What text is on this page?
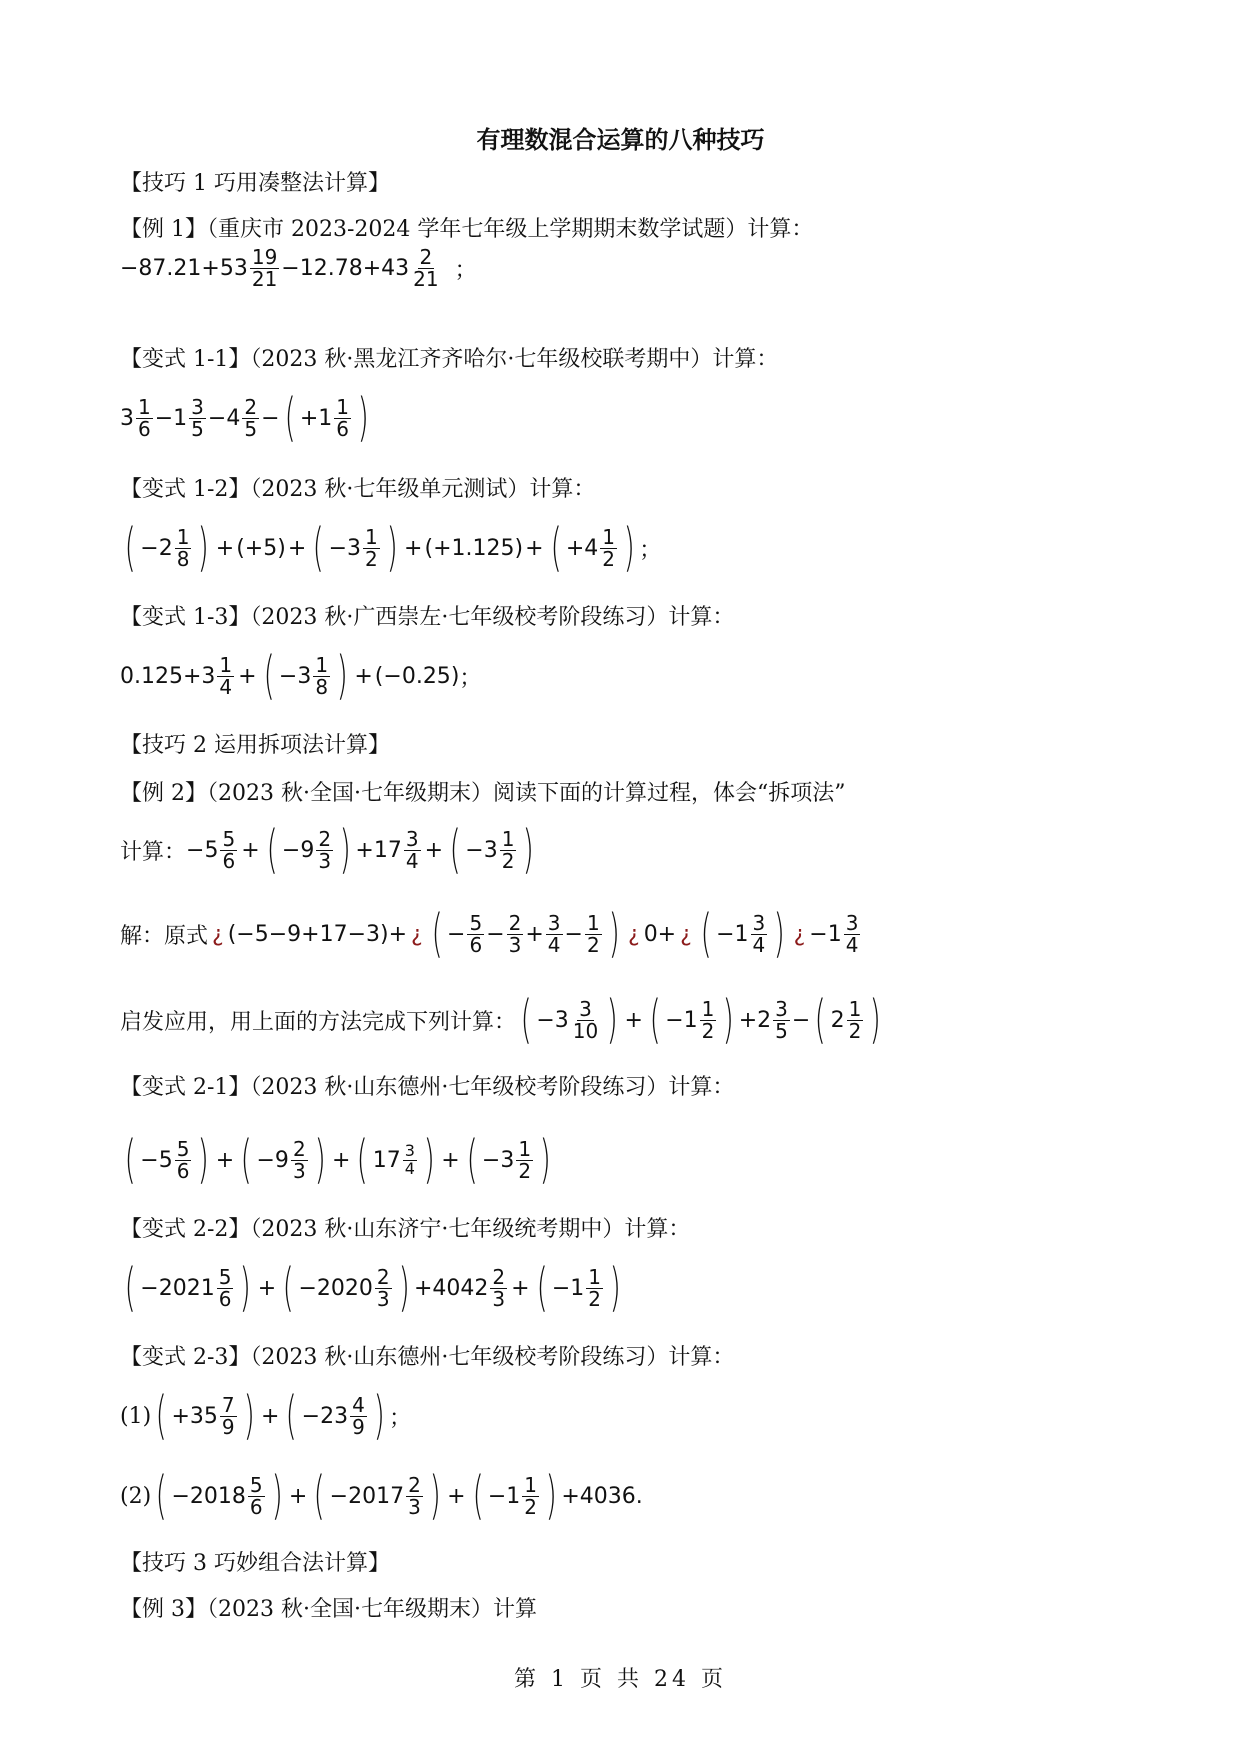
有理数混合运算的八种技巧
【技巧 1 巧用凑整法计算】
【例 1】（重庆市 2023-2024 学年七年级上学期期末数学试题）计算：
$-87.21+53 \frac{19}{21} -12.78+43 \frac{2}{21}$ ；
【变式 1-1】（2023 秋·黑龙江齐齐哈尔·七年级校联考期中）计算：
$3 \frac{1}{6} -1 \frac{3}{5} -4 \frac{2}{5}$ − ( $+1 \frac{1}{6}$
)
【变式 1-2】（2023 秋·七年级单元测试）计算：
( $-2 \frac{1}{8}$
) + (+5) + ( $-3 \frac{1}{2}$
) + (+1.125) + ( $+4 \frac{1}{2}$
) ；
【变式 1-3】（2023 秋·广西崇左·七年级校考阶段练习）计算：
$0.125+3 \frac{1}{4}$ + ( $-3 \frac{1}{8}$
) + (−0.25) ；
【技巧 2 运用拆项法计算】
【例 2】（2023 秋·全国·七年级期末）阅读下面的计算过程，体会“拆项法”
计算： $-5 \frac{5}{6}$ + ( $-9 \frac{2}{3}$
) $+17 \frac{3}{4}$ + ( $-3 \frac{1}{2}$
)
解：原式 ¿ (−5−9+17−3)+ ¿ ( − $\frac{5}{6} - \frac{2}{3} + \frac{3}{4} - \frac{1}{2}$
) ¿ 0+ ¿ ( $-1 \frac{3}{4}$
) ¿ $-1 \frac{3}{4}$
启发应用，用上面的方法完成下列计算： ( $-3 \frac{3}{10}$
) + ( $-1 \frac{1}{2}$
) $+2 \frac{3}{5}$ − ( $2 \frac{1}{2}$
)
【变式 2-1】（2023 秋·山东德州·七年级校考阶段练习）计算：
( $-5 \frac{5}{6}$
) + ( $-9 \frac{2}{3}$
) + ( $17 \frac{3}{4}$
) + ( $-3 \frac{1}{2}$
)
【变式 2-2】（2023 秋·山东济宁·七年级统考期中）计算：
( $-2021 \frac{5}{6}$
) + ( $-2020 \frac{2}{3}$
) $+4042 \frac{2}{3}$ + ( $-1 \frac{1}{2}$
)
【变式 2-3】（2023 秋·山东德州·七年级校考阶段练习）计算：
(1) ( $+35 \frac{7}{9}$
) + ( $-23 \frac{4}{9}$
) ；
(2) ( $-2018 \frac{5}{6}$
) + ( $-2017 \frac{2}{3}$
) + ( $-1 \frac{1}{2}$
) +4036 .
【技巧 3 巧妙组合法计算】
【例 3】（2023 秋·全国·七年级期末）计算
第 1 页 共 24 页
